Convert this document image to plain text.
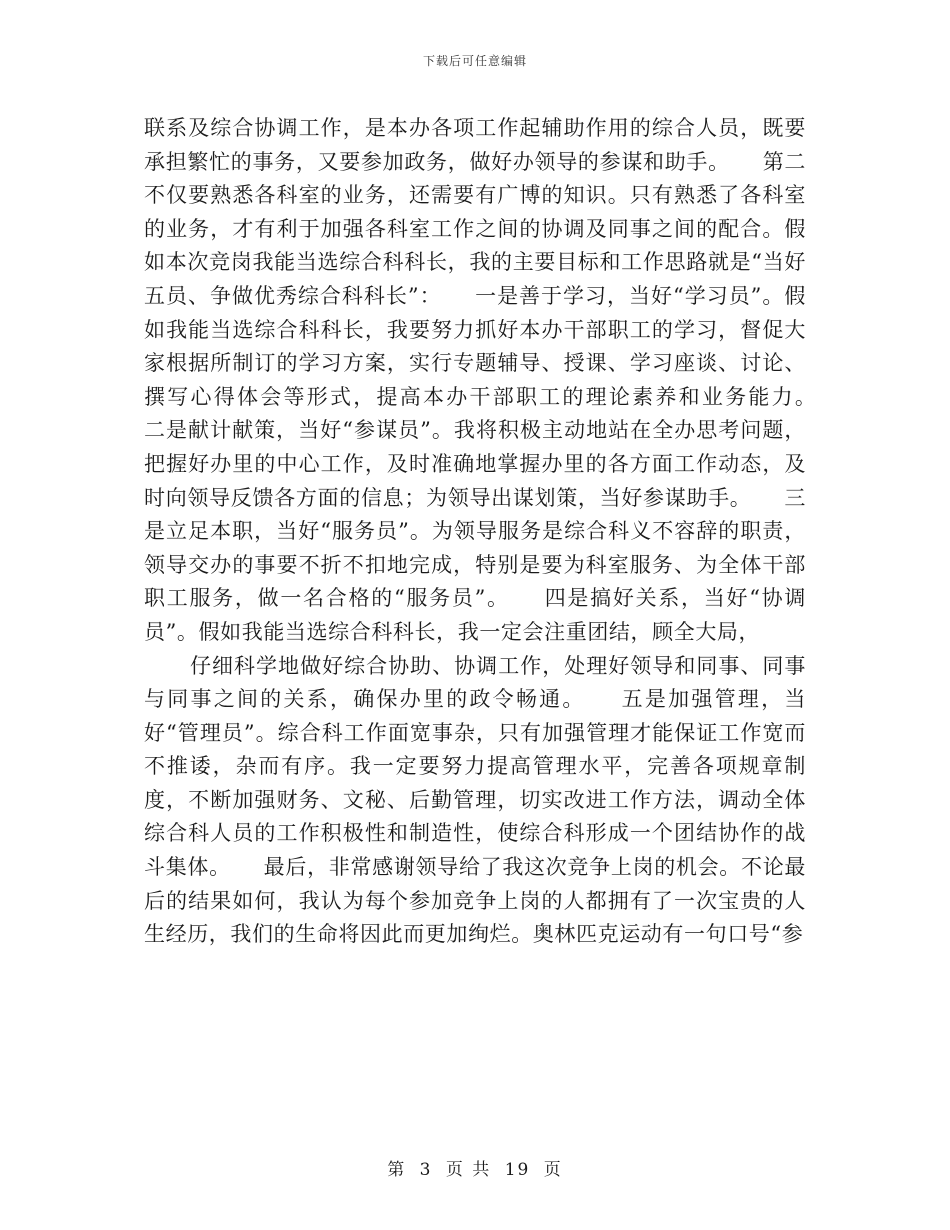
下载后可任意编辑

联系及综合协调工作，是本办各项工作起辅助作用的综合人员，既要承担繁忙的事务，又要参加政务，做好办领导的参谋和助手。　　第二不仅要熟悉各科室的业务，还需要有广博的知识。只有熟悉了各科室的业务，才有利于加强各科室工作之间的协调及同事之间的配合。假如本次竞岗我能当选综合科科长，我的主要目标和工作思路就是“当好五员、争做优秀综合科科长”：　　一是善于学习，当好“学习员”。假如我能当选综合科科长，我要努力抓好本办干部职工的学习，督促大家根据所制订的学习方案，实行专题辅导、授课、学习座谈、讨论、撰写心得体会等形式，提高本办干部职工的理论素养和业务能力。　　二是献计献策，当好“参谋员”。我将积极主动地站在全办思考问题，把握好办里的中心工作，及时准确地掌握办里的各方面工作动态，及时向领导反馈各方面的信息；为领导出谋划策，当好参谋助手。　　三是立足本职，当好“服务员”。为领导服务是综合科义不容辞的职责，领导交办的事要不折不扣地完成，特别是要为科室服务、为全体干部职工服务，做一名合格的“服务员”。　　四是搞好关系，当好“协调员”。假如我能当选综合科科长，我一定会注重团结，顾全大局，

仔细科学地做好综合协助、协调工作，处理好领导和同事、同事与同事之间的关系，确保办里的政令畅通。　　五是加强管理，当好“管理员”。综合科工作面宽事杂，只有加强管理才能保证工作宽而不推诿，杂而有序。我一定要努力提高管理水平，完善各项规章制度，不断加强财务、文秘、后勤管理，切实改进工作方法，调动全体综合科人员的工作积极性和制造性，使综合科形成一个团结协作的战斗集体。　　最后，非常感谢领导给了我这次竞争上岗的机会。不论最后的结果如何，我认为每个参加竞争上岗的人都拥有了一次宝贵的人生经历，我们的生命将因此而更加绚烂。奥林匹克运动有一句口号“参

第 3 页 共 19 页
